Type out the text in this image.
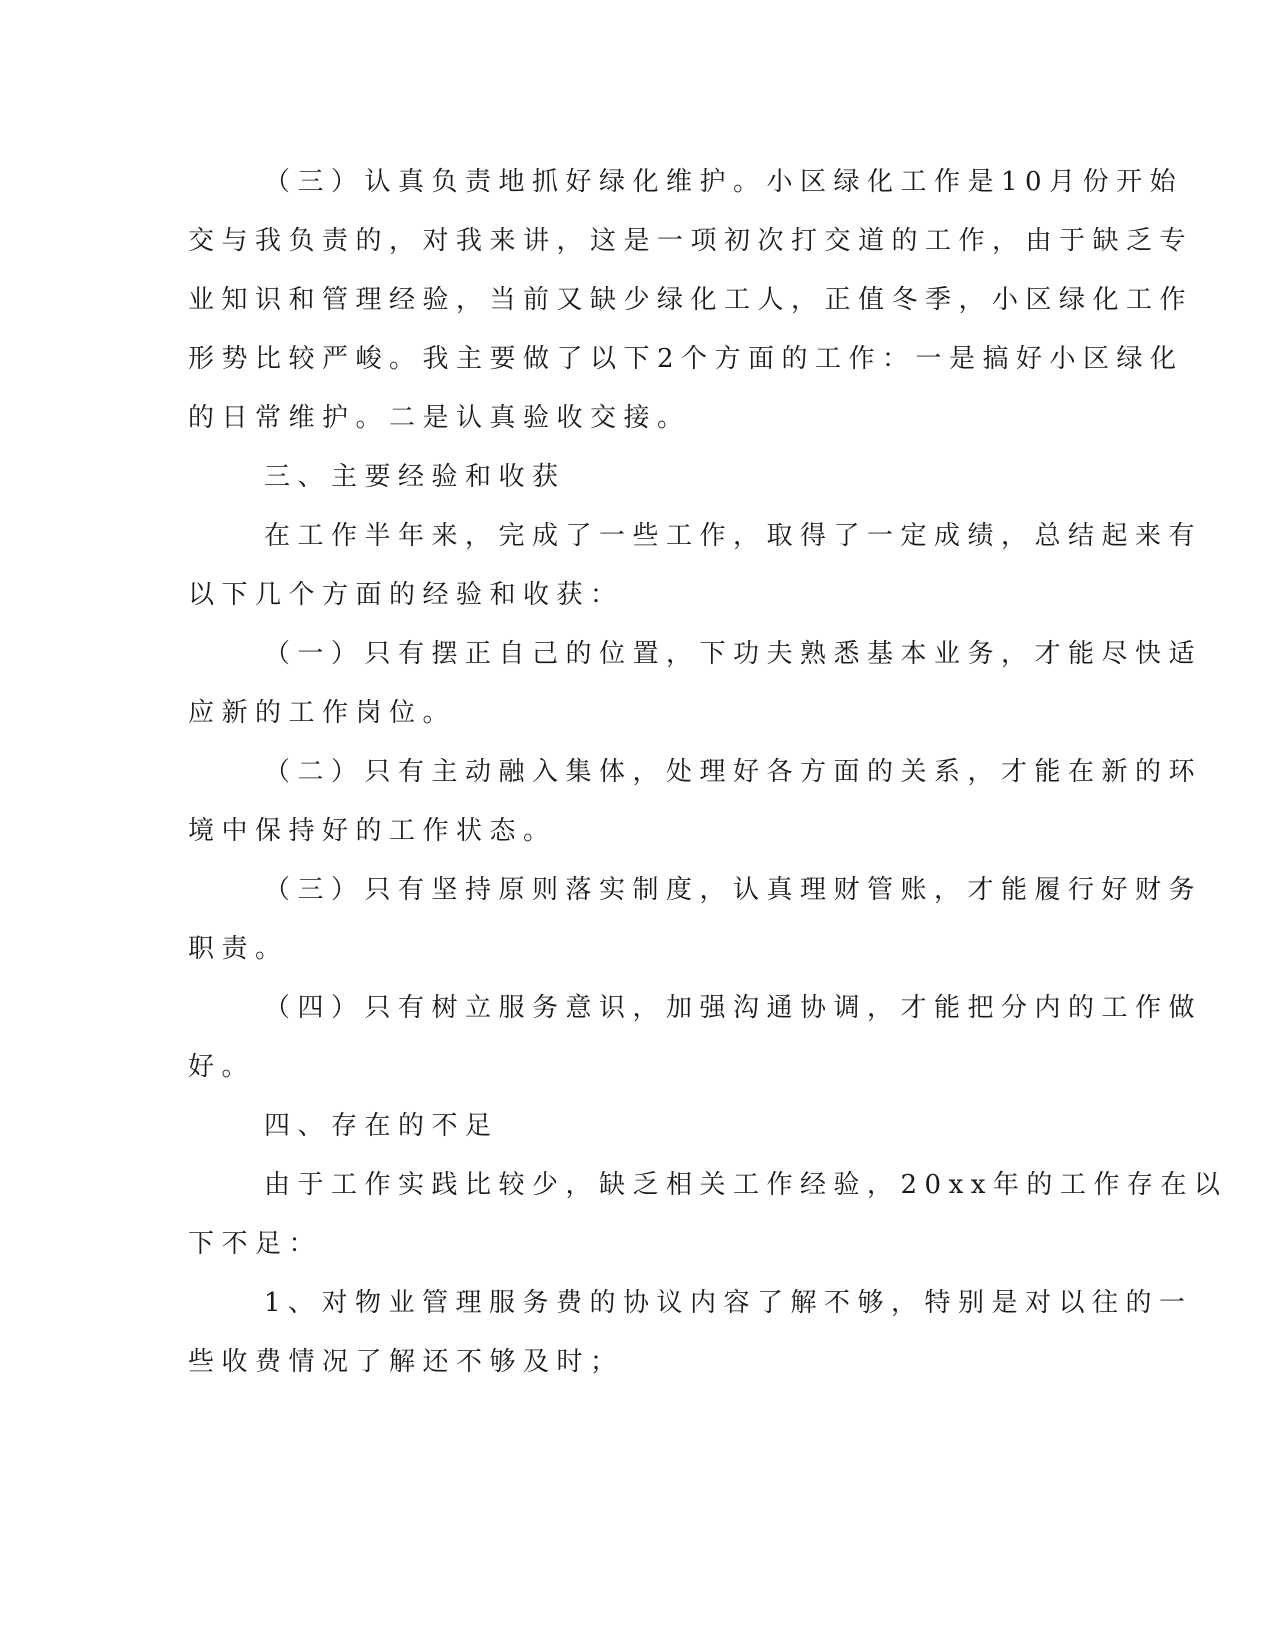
（三）认真负责地抓好绿化维护。小区绿化工作是10月份开始
交与我负责的，对我来讲，这是一项初次打交道的工作，由于缺乏专
业知识和管理经验，当前又缺少绿化工人，正值冬季，小区绿化工作
形势比较严峻。我主要做了以下2个方面的工作：一是搞好小区绿化
的日常维护。二是认真验收交接。
三、主要经验和收获
在工作半年来，完成了一些工作，取得了一定成绩，总结起来有
以下几个方面的经验和收获：
（一）只有摆正自己的位置，下功夫熟悉基本业务，才能尽快适
应新的工作岗位。
（二）只有主动融入集体，处理好各方面的关系，才能在新的环
境中保持好的工作状态。
（三）只有坚持原则落实制度，认真理财管账，才能履行好财务
职责。
（四）只有树立服务意识，加强沟通协调，才能把分内的工作做
好。
四、存在的不足
由于工作实践比较少，缺乏相关工作经验，20xx年的工作存在以
下不足：
1、对物业管理服务费的协议内容了解不够，特别是对以往的一
些收费情况了解还不够及时；
